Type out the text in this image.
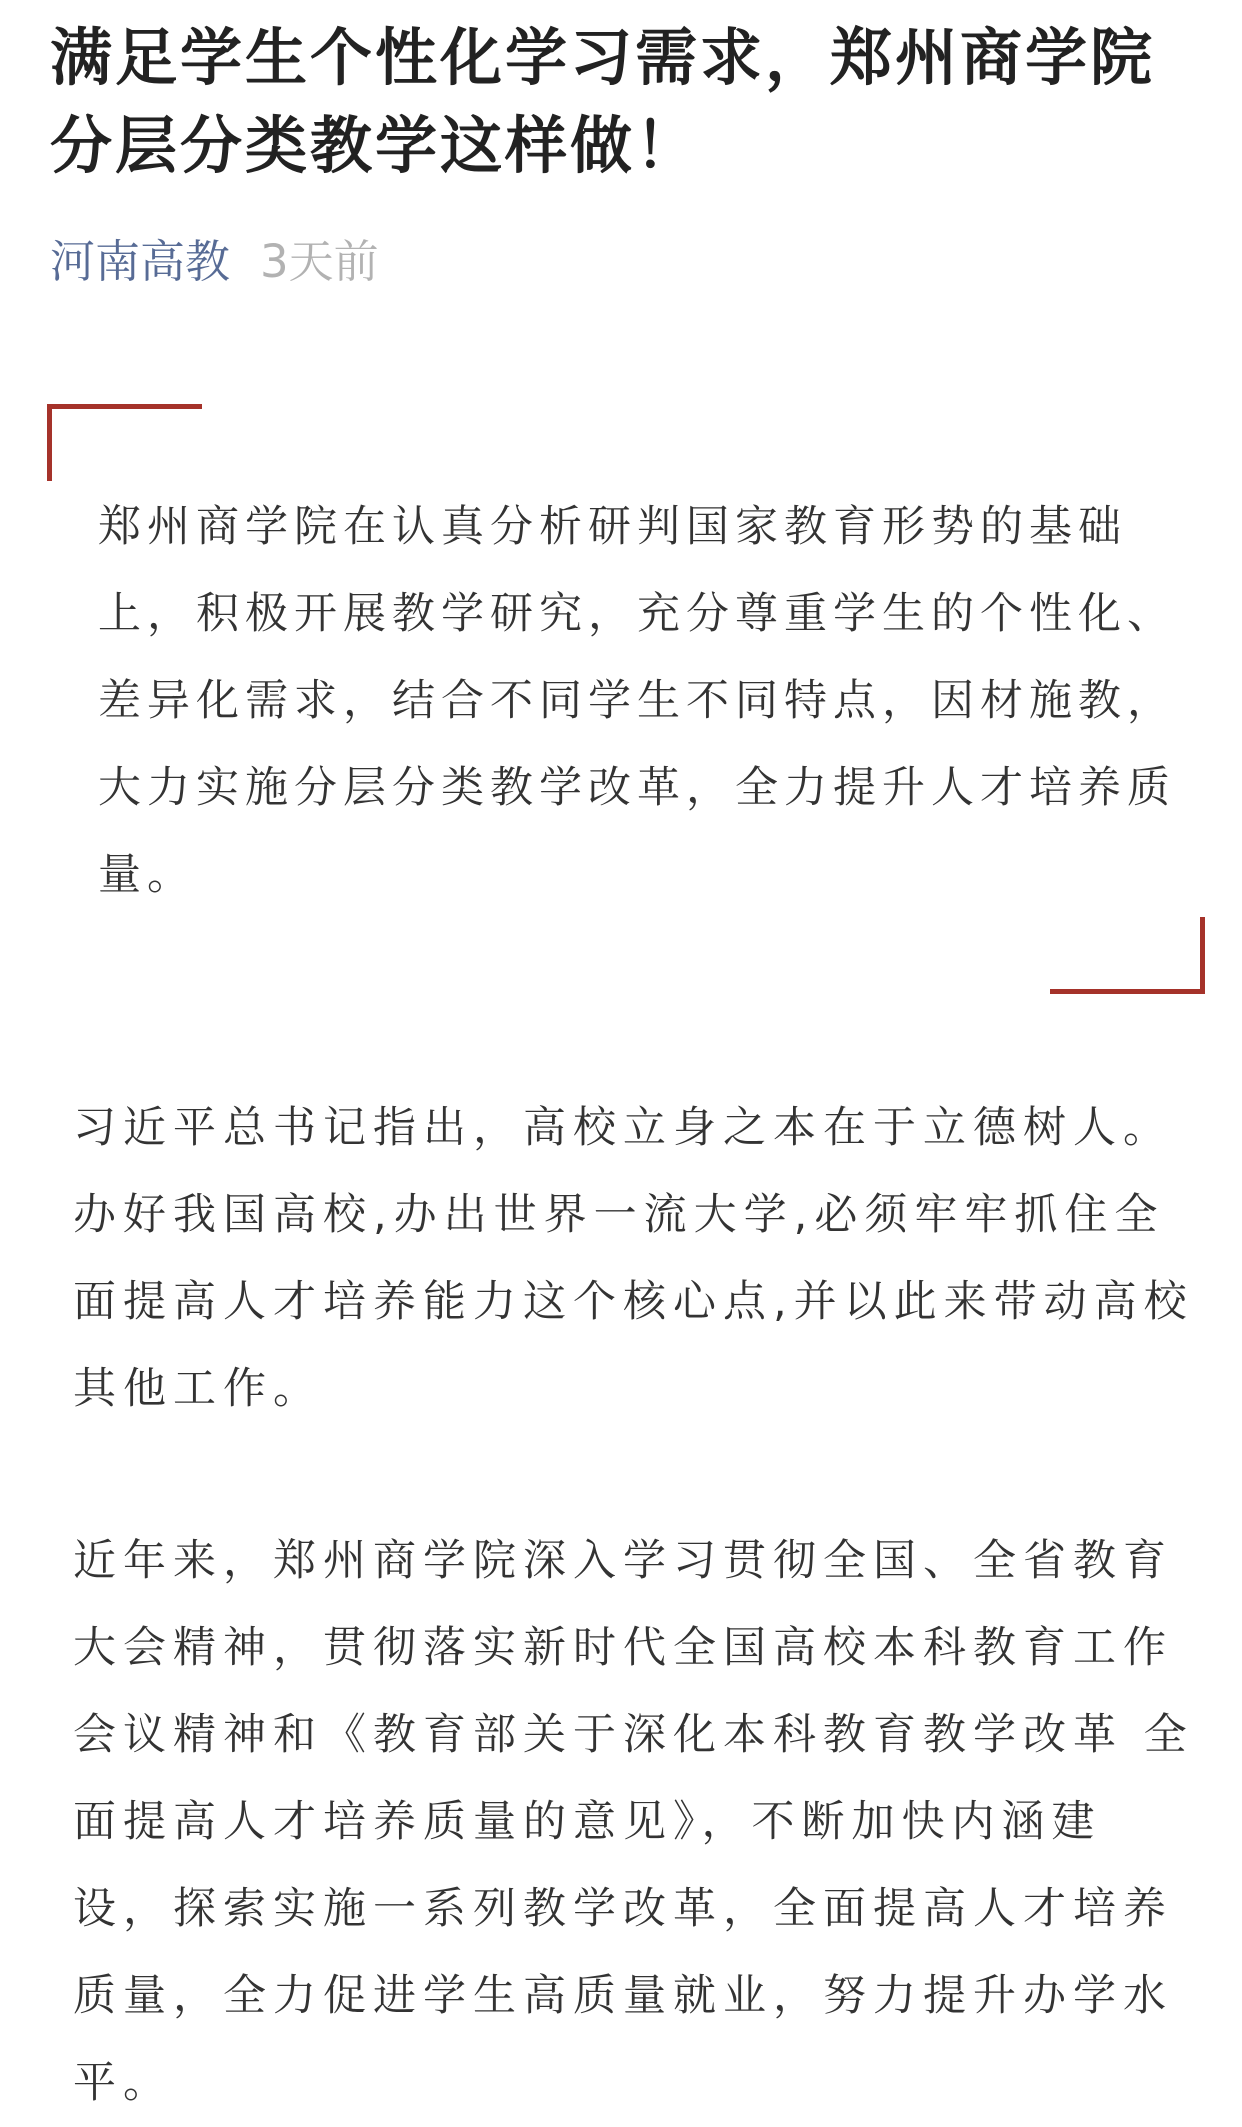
满足学生个性化学习需求，郑州商学院分层分类教学这样做！
河南高教 3天前

郑州商学院在认真分析研判国家教育形势的基础上，积极开展教学研究，充分尊重学生的个性化、差异化需求，结合不同学生不同特点，因材施教，大力实施分层分类教学改革，全力提升人才培养质量。

习近平总书记指出，高校立身之本在于立德树人。办好我国高校,办出世界一流大学,必须牢牢抓住全面提高人才培养能力这个核心点,并以此来带动高校其他工作。

近年来，郑州商学院深入学习贯彻全国、全省教育大会精神，贯彻落实新时代全国高校本科教育工作会议精神和《教育部关于深化本科教育教学改革 全面提高人才培养质量的意见》，不断加快内涵建设，探索实施一系列教学改革，全面提高人才培养质量，全力促进学生高质量就业，努力提升办学水平。
